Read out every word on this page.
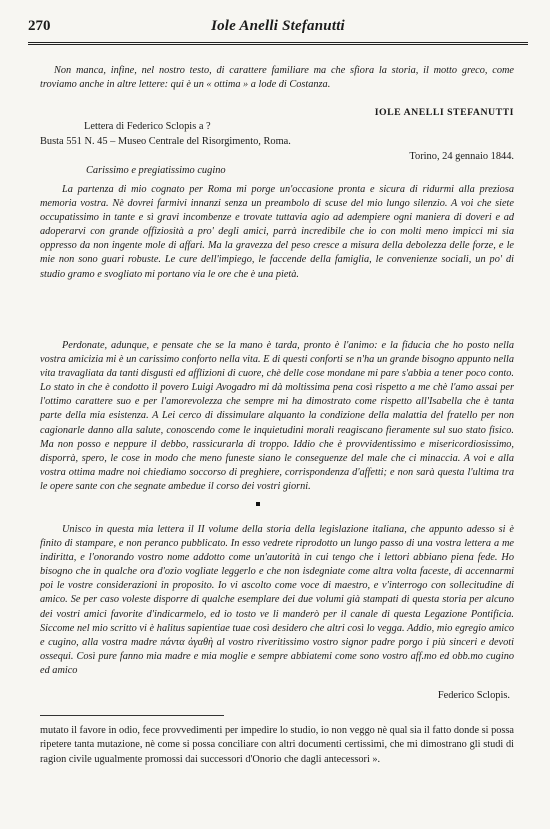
270	Iole Anelli Stefanutti

Non manca, infine, nel nostro testo, di carattere familiare ma che sfiora la storia, il motto greco, come troviamo anche in altre lettere: qui è un « ottima » a lode di Costanza.

IOLE ANELLI STEFANUTTI
Lettera di Federico Sclopis a ?
Busta 551 N. 45 – Museo Centrale del Risorgimento, Roma.
Torino, 24 gennaio 1844.
Carissimo e pregiatissimo cugino

La partenza di mio cognato per Roma mi porge un'occasione pronta e sicura di ridurmi alla preziosa memoria vostra. Nè dovrei farmivi innanzi senza un preambolo di scuse del mio lungo silenzio. A voi che siete occupatissimo in tante e sì gravi incombenze e trovate tuttavia agio ad adempiere ogni maniera di doveri e ad adoperarvi con grande offiziosità a pro' degli amici, parrà incredibile che io con molti meno impicci mi sia oppresso da non ingente mole di affari. Ma la gravezza del peso cresce a misura della debolezza delle forze, e le mie non sono guari robuste. Le cure dell'impiego, le faccende della famiglia, le convenienze sociali, un po' di studio gramo e svogliato mi portano via le ore che è una pietà.

Perdonate, adunque, e pensate che se la mano è tarda, pronto è l'animo: e la fiducia che ho posto nella vostra amicizia mi è un carissimo conforto nella vita. E di questi conforti se n'ha un grande bisogno appunto nella vita travagliata da tanti disgusti ed afflizioni di cuore, chè delle cose mondane mi pare s'abbia a tener poco conto. Lo stato in che è condotto il povero Luigi Avogadro mi dà moltissima pena così rispetto a me chè l'amo assai per l'ottimo carattere suo e per l'amorevolezza che sempre mi ha dimostrato come rispetto all'Isabella che è tanta parte della mia esistenza. A Lei cerco di dissimulare alquanto la condizione della malattia del fratello per non cagionarle danno alla salute, conoscendo come le inquietudini morali reagiscano fieramente sul suo stato fisico. Ma non posso e neppure il debbo, rassicurarla di troppo. Iddio che è provvidentissimo e misericordiosissimo, disporrà, spero, le cose in modo che meno funeste siano le conseguenze del male che ci minaccia. A voi e alla vostra ottima madre noi chiediamo soccorso di preghiere, corrispondenza d'affetti; e non sarà questa l'ultima tra le opere sante con che segnate ambedue il corso dei vostri giorni.

Unisco in questa mia lettera il II volume della storia della legislazione italiana, che appunto adesso si è finito di stampare, e non peranco pubblicato. In esso vedrete riprodotto un lungo passo di una vostra lettera a me indiritta, e l'onorando vostro nome addotto come un'autorità in cui tengo che i lettori abbiano piena fede. Ho bisogno che in qualche ora d'ozio vogliate leggerlo e che non isdegniate come altra volta faceste, di accennarmi poi le vostre considerazioni in proposito. Io vi ascolto come voce di maestro, e v'interrogo con sollecitudine di amico. Se per caso voleste disporre di qualche esemplare dei due volumi già stampati di questa storia per alcuno dei vostri amici favorite d'indicarmelo, ed io tosto ve li manderò per il canale di questa Legazione Pontificia. Siccome nel mio scritto vi è halitus sapientiae tuae così desidero che altri così lo vegga. Addio, mio egregio amico e cugino, alla vostra madre πάντα ἀγαθὴ al vostro riveritissimo vostro signor padre porgo i più sinceri e devoti ossequi. Così pure fanno mia madre e mia moglie e sempre abbiatemi come sono vostro aff.mo ed obb.mo cugino ed amico

Federico Sclopis.

mutato il favore in odio, fece provvedimenti per impedire lo studio, io non veggo nè qual sia il fatto donde si possa ripetere tanta mutazione, nè come si possa conciliare con altri documenti certissimi, che mi dimostrano gli studi di ragion civile ugualmente promossi dai successori d'Onorio che dagli antecessori ».
